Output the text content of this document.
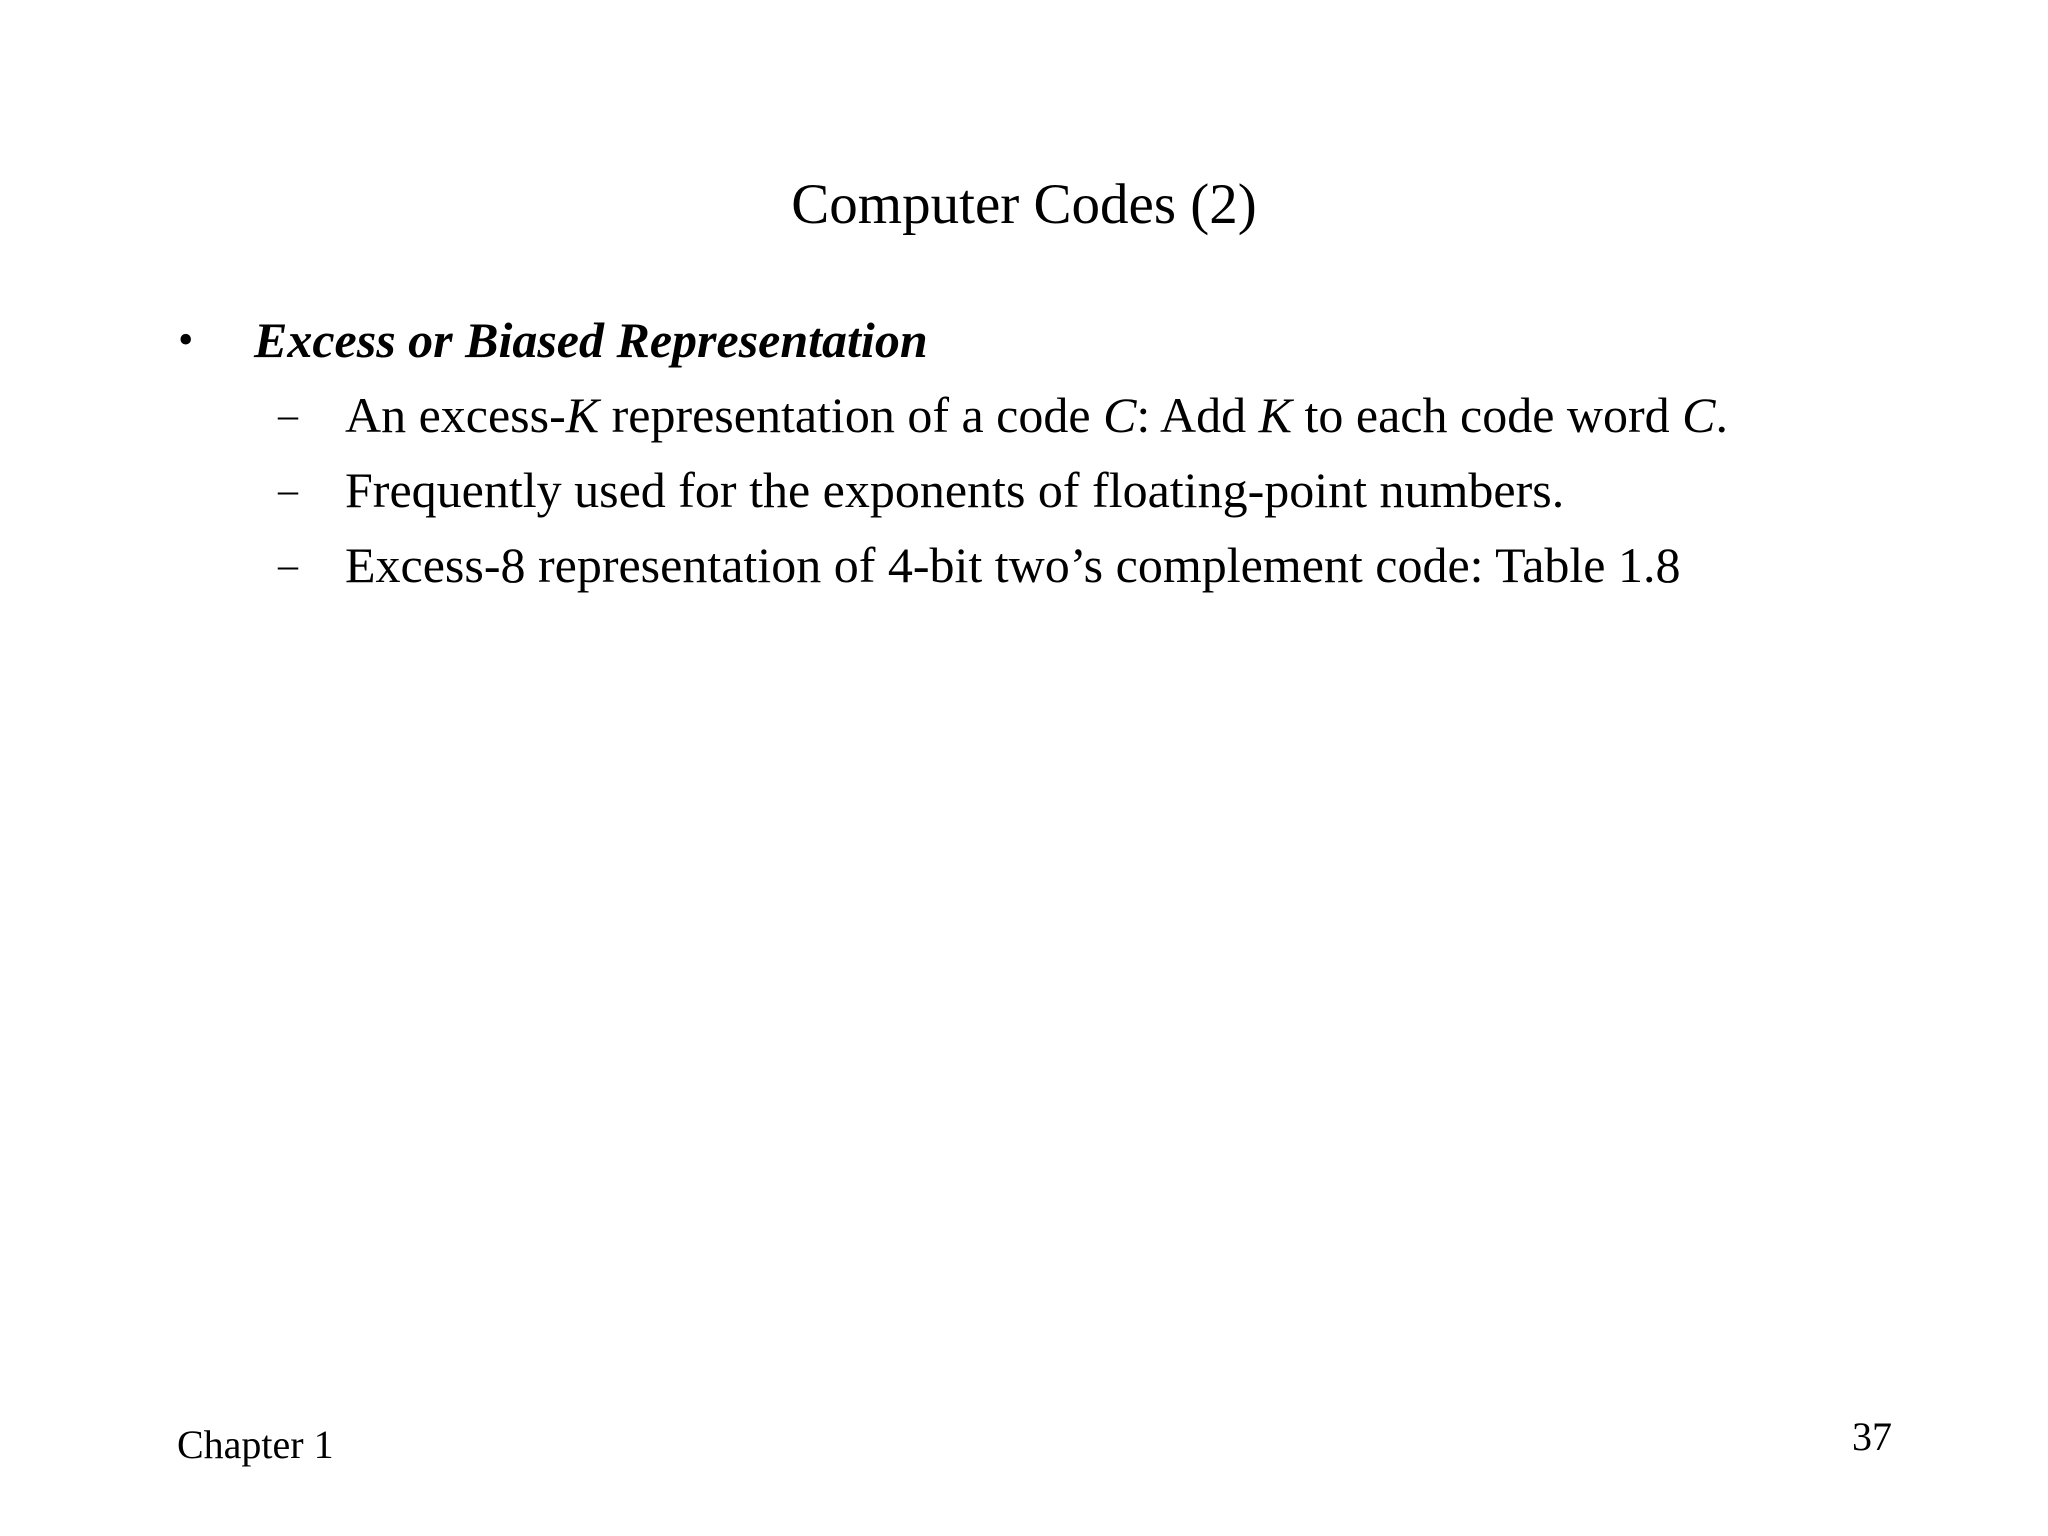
Computer Codes (2)
• Excess or Biased Representation
– An excess-K representation of a code C: Add K to each code word C.
– Frequently used for the exponents of floating-point numbers.
– Excess-8 representation of 4-bit two’s complement code: Table 1.8
Chapter 1	37
